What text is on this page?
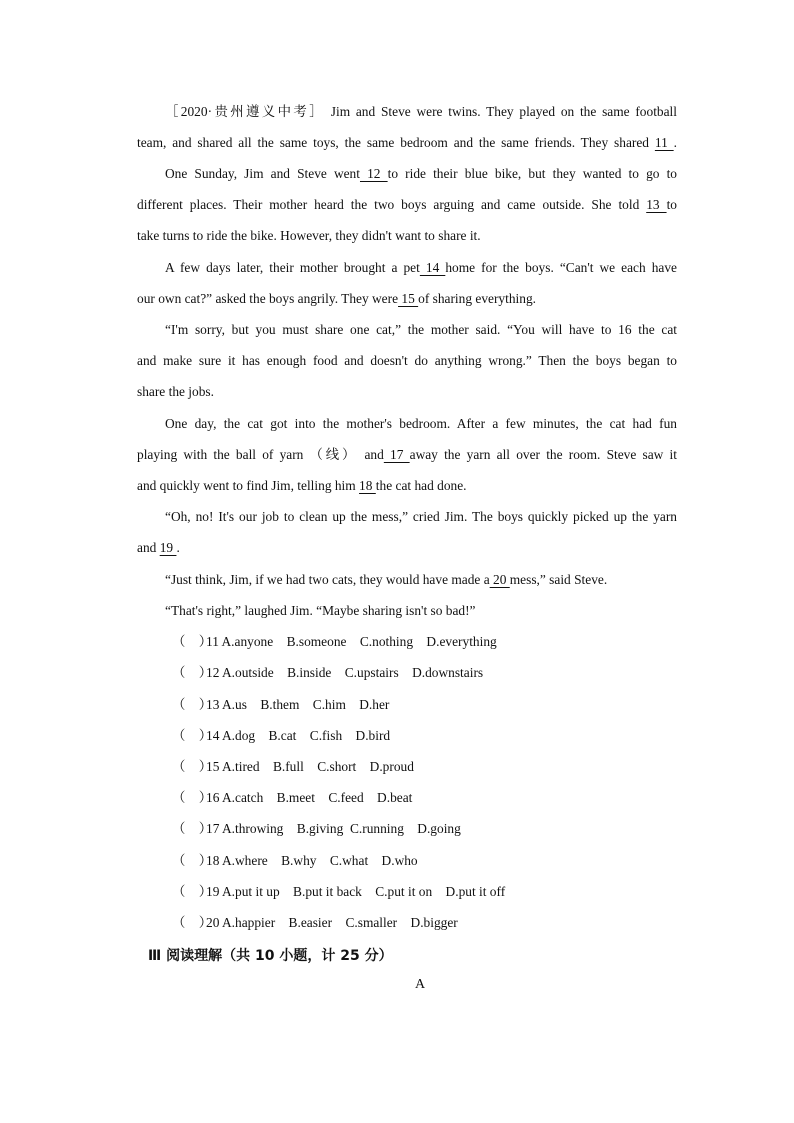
［2020·贵州遵义中考］ Jim and Steve were twins. They played on the same football
team, and shared all the same toys, the same bedroom and the same friends. They shared 11 .
One Sunday, Jim and Steve went 12 to ride their blue bike, but they wanted to go to
different places. Their mother heard the two boys arguing and came outside. She told 13 to
take turns to ride the bike. However, they didn't want to share it.
A few days later, their mother brought a pet 14 home for the boys. “Can't we each have
our own cat?” asked the boys angrily. They were 15 of sharing everything.
“I'm sorry, but you must share one cat,” the mother said. “You will have to 16 the cat
and make sure it has enough food and doesn't do anything wrong.” Then the boys began to
share the jobs.
One day, the cat got into the mother's bedroom. After a few minutes, the cat had fun
playing with the ball of yarn （线） and 17 away the yarn all over the room. Steve saw it
and quickly went to find Jim, telling him 18 the cat had done.
“Oh, no! It's our job to clean up the mess,” cried Jim. The boys quickly picked up the yarn
and 19 .
“Just think, Jim, if we had two cats, they would have made a 20 mess,” said Steve.
“That's right,” laughed Jim. “Maybe sharing isn't so bad!”
（    ）11 A.anyone    B.someone    C.nothing    D.everything
（    ）12 A.outside    B.inside    C.upstairs    D.downstairs
（    ）13 A.us    B.them    C.him    D.her
（    ）14 A.dog    B.cat    C.fish    D.bird
（    ）15 A.tired    B.full    C.short    D.proud
（    ）16 A.catch    B.meet    C.feed    D.beat
（    ）17 A.throwing    B.giving  C.running    D.going
（    ）18 A.where    B.why    C.what    D.who
（    ）19 A.put it up    B.put it back    C.put it on    D.put it off
（    ）20 A.happier    B.easier    C.smaller    D.bigger
Ⅲ 阅读理解（共 10 小题，计 25 分）
A
